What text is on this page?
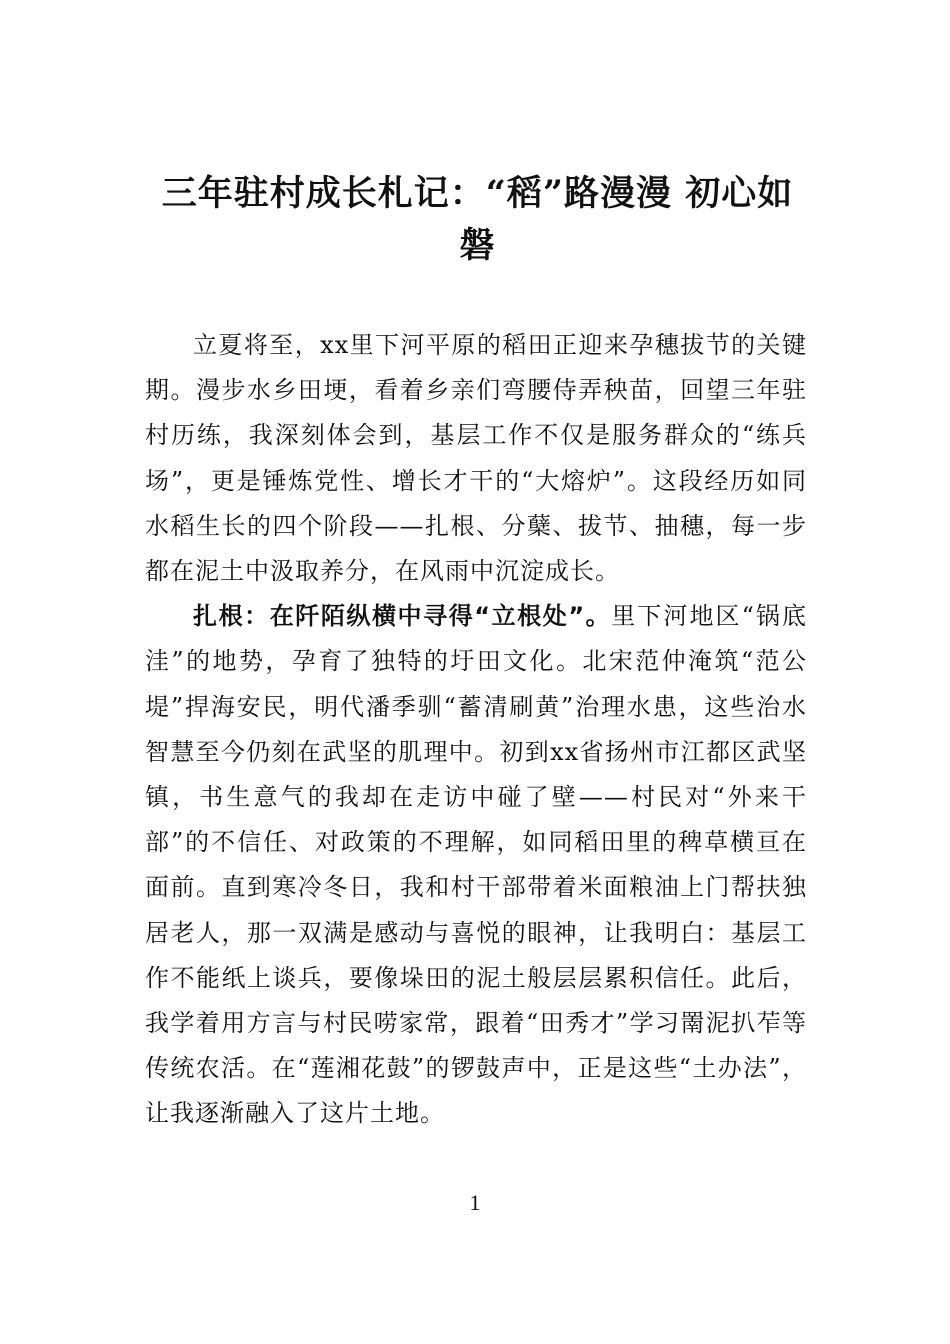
三年驻村成长札记：“稻”路漫漫 初心如磐

立夏将至，xx里下河平原的稻田正迎来孕穗拔节的关键期。漫步水乡田埂，看着乡亲们弯腰侍弄秧苗，回望三年驻村历练，我深刻体会到，基层工作不仅是服务群众的“练兵场”，更是锤炼党性、增长才干的“大熔炉”。这段经历如同水稻生长的四个阶段——扎根、分蘖、拔节、抽穗，每一步都在泥土中汲取养分，在风雨中沉淀成长。

扎根：在阡陌纵横中寻得“立根处”。里下河地区“锅底洼”的地势，孕育了独特的圩田文化。北宋范仲淹筑“范公堤”捍海安民，明代潘季驯“蓄清刷黄”治理水患，这些治水智慧至今仍刻在武坚的肌理中。初到xx省扬州市江都区武坚镇，书生意气的我却在走访中碰了壁——村民对“外来干部”的不信任、对政策的不理解，如同稻田里的稗草横亘在面前。直到寒冷冬日，我和村干部带着米面粮油上门帮扶独居老人，那一双满是感动与喜悦的眼神，让我明白：基层工作不能纸上谈兵，要像垛田的泥土般层层累积信任。此后，我学着用方言与村民唠家常，跟着“田秀才”学习罱泥扒苲等传统农活。在“莲湘花鼓”的锣鼓声中，正是这些“土办法”，让我逐渐融入了这片土地。

1
